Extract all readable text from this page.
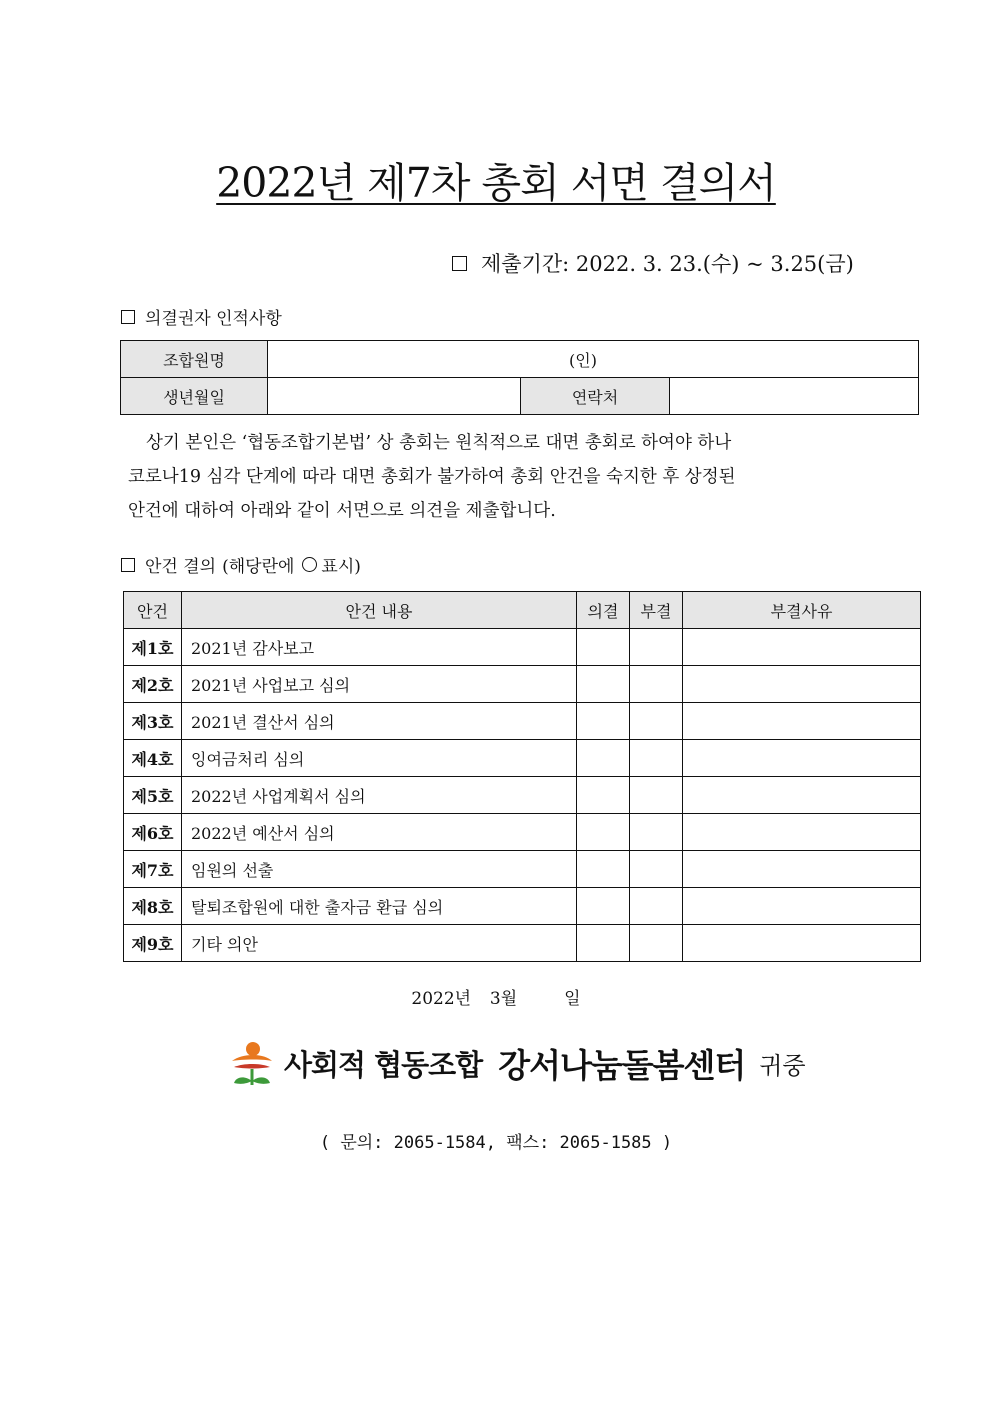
2022년 제7차 총회 서면 결의서
제출기간: 2022. 3. 23.(수) ~ 3.25(금)
의결권자 인적사항
조합원명	(인)		
생년월일		연락처	
상기 본인은 ‘협동조합기본법’ 상 총회는 원칙적으로 대면 총회로 하여야 하나
코로나19 심각 단계에 따라 대면 총회가 불가하여 총회 안건을 숙지한 후 상정된
안건에 대하여 아래와 같이 서면으로 의견을 제출합니다.
안건 결의 (해당란에 ○ 표시)
안건	안건 내용	의결	부결	부결사유
제1호	2021년 감사보고			
제2호	2021년 사업보고 심의			
제3호	2021년 결산서 심의			
제4호	잉여금처리 심의			
제5호	2022년 사업계획서 심의			
제6호	2022년 예산서 심의			
제7호	임원의 선출			
제8호	탈퇴조합원에 대한 출자금 환급 심의			
제9호	기타 의안			
2022년  3월     일
사회적 협동조합 강서나눔돌봄센터 귀중
( 문의: 2065-1584, 팩스: 2065-1585 )
